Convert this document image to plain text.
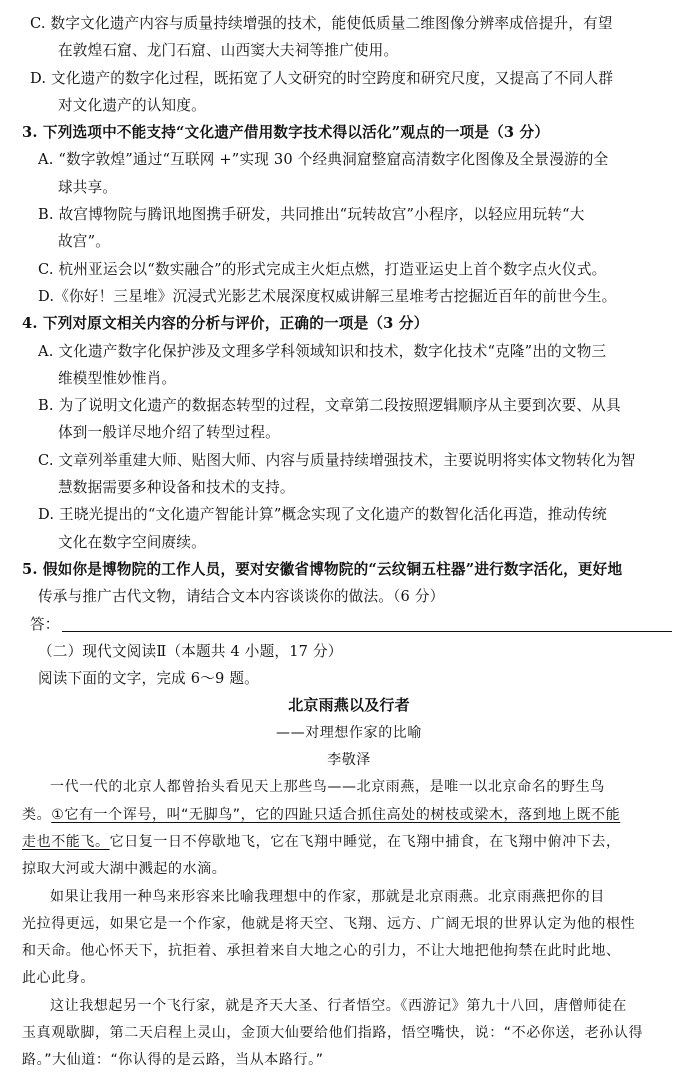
C. 数字文化遗产内容与质量持续增强的技术，能使低质量二维图像分辨率成倍提升，有望
在敦煌石窟、龙门石窟、山西窦大夫祠等推广使用。
D. 文化遗产的数字化过程，既拓宽了人文研究的时空跨度和研究尺度，又提高了不同人群
对文化遗产的认知度。
3. 下列选项中不能支持“文化遗产借用数字技术得以活化”观点的一项是（3 分）
A. “数字敦煌”通过“互联网 +”实现 30 个经典洞窟整窟高清数字化图像及全景漫游的全
球共享。
B. 故宫博物院与腾讯地图携手研发，共同推出“玩转故宫”小程序，以轻应用玩转“大
故宫”。
C. 杭州亚运会以“数实融合”的形式完成主火炬点燃，打造亚运史上首个数字点火仪式。
D.《你好！三星堆》沉浸式光影艺术展深度权威讲解三星堆考古挖掘近百年的前世今生。
4. 下列对原文相关内容的分析与评价，正确的一项是（3 分）
A. 文化遗产数字化保护涉及文理多学科领域知识和技术，数字化技术“克隆”出的文物三
维模型惟妙惟肖。
B. 为了说明文化遗产的数据态转型的过程，文章第二段按照逻辑顺序从主要到次要、从具
体到一般详尽地介绍了转型过程。
C. 文章列举重建大师、贴图大师、内容与质量持续增强技术，主要说明将实体文物转化为智
慧数据需要多种设备和技术的支持。
D. 王晓光提出的“文化遗产智能计算”概念实现了文化遗产的数智化活化再造，推动传统
文化在数字空间赓续。
5. 假如你是博物院的工作人员，要对安徽省博物院的“云纹铜五柱器”进行数字活化，更好地
传承与推广古代文物，请结合文本内容谈谈你的做法。（6 分）
答：
（二）现代文阅读Ⅱ（本题共 4 小题，17 分）
阅读下面的文字，完成 6～9 题。
北京雨燕以及行者
——对理想作家的比喻
李敬泽
一代一代的北京人都曾抬头看见天上那些鸟——北京雨燕，是唯一以北京命名的野生鸟
类。①它有一个诨号，叫“无脚鸟”，它的四趾只适合抓住高处的树枝或梁木，落到地上既不能
走也不能飞。它日复一日不停歇地飞，它在飞翔中睡觉，在飞翔中捕食，在飞翔中俯冲下去，
掠取大河或大湖中溅起的水滴。
如果让我用一种鸟来形容来比喻我理想中的作家，那就是北京雨燕。北京雨燕把你的目
光拉得更远，如果它是一个作家，他就是将天空、飞翔、远方、广阔无垠的世界认定为他的根性
和天命。他心怀天下，抗拒着、承担着来自大地之心的引力，不让大地把他拘禁在此时此地、
此心此身。
这让我想起另一个飞行家，就是齐天大圣、行者悟空。《西游记》第九十八回，唐僧师徒在
玉真观歇脚，第二天启程上灵山，金顶大仙要给他们指路，悟空嘴快，说：“不必你送，老孙认得
路。”大仙道：“你认得的是云路，当从本路行。”
